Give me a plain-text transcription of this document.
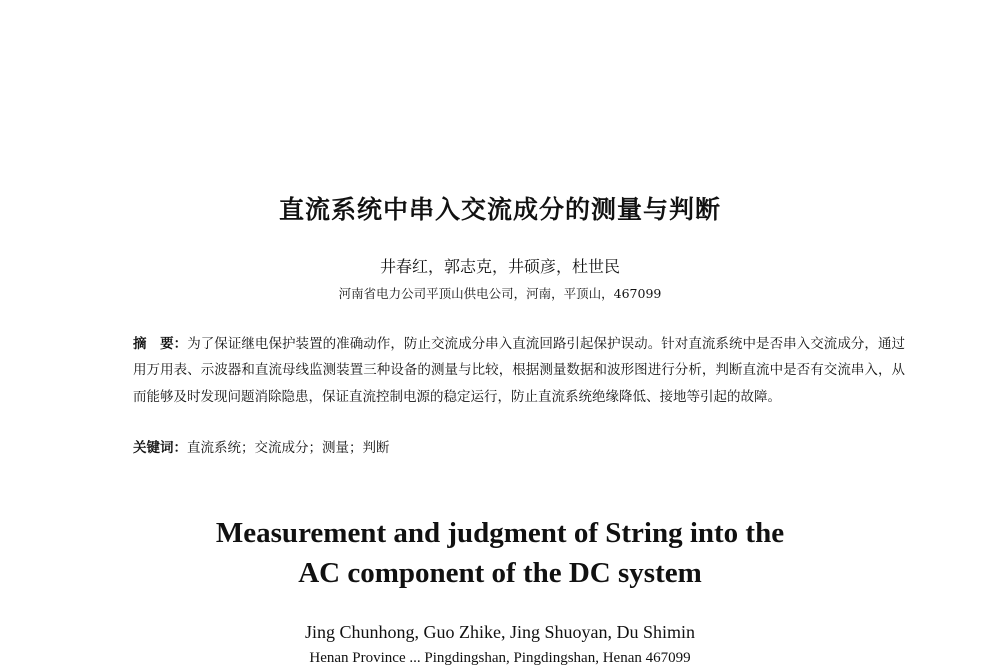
直流系统中串入交流成分的测量与判断
井春红，郭志克，井硕彦，杜世民
河南省电力公司平顶山供电公司，河南，平顶山，467099
摘　要：为了保证继电保护装置的准确动作，防止交流成分串入直流回路引起保护误动。针对直流系统中是否串入交流成分，通过用万用表、示波器和直流母线监测装置三种设备的测量与比较，根据测量数据和波形图进行分析，判断直流中是否有交流串入，从而能够及时发现问题消除隐患，保证直流控制电源的稳定运行，防止直流系统绝缘降低、接地等引起的故障。
关键词：直流系统；交流成分；测量；判断
Measurement and judgment of String into the
AC component of the DC system
Jing Chunhong, Guo Zhike, Jing Shuoyan, Du Shimin
Henan Province ... Pingdingshan, Pingdingshan, Henan 467099
